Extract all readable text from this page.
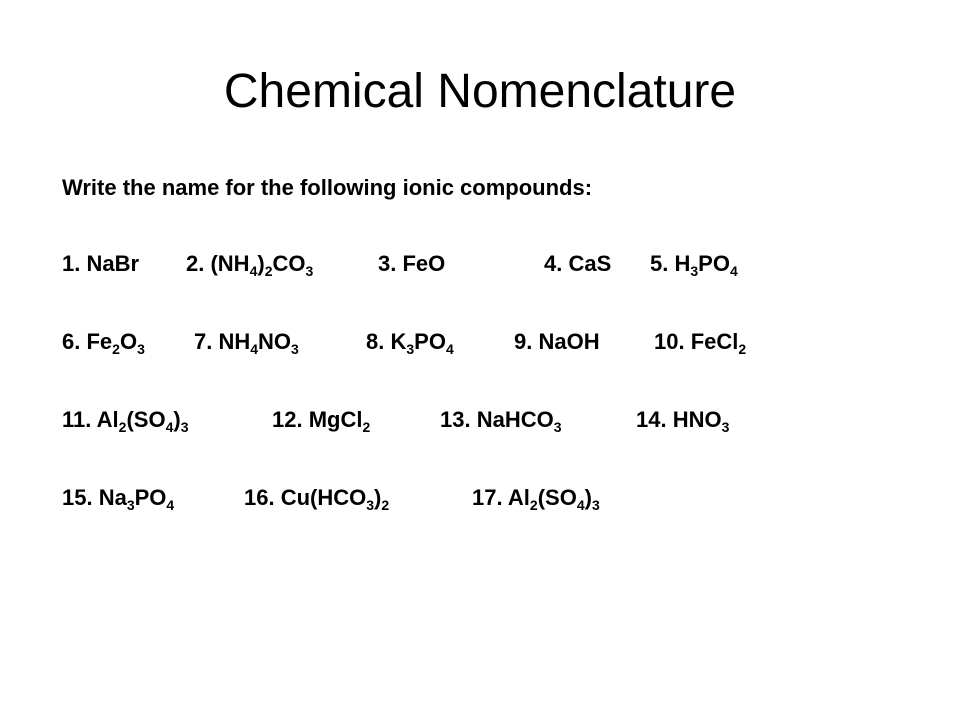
Chemical Nomenclature
Write the name for the following ionic compounds:
1. NaBr 2. $(NH_4)_2CO_3$	3. FeO	4. CaS 5. $H_3PO_4$
6. $Fe_2O_3$ 7. $NH_4NO_3$	8. $K_3PO_4$	9. NaOH 10. FeCl$_2$
11. $Al_2(SO_4)_3$	12. MgCl$_2$	13. NaHCO$_3$	14. $HNO_3$
15. $Na_3PO_4$	16. $Cu(HCO_3)_2$	17. $Al_2(SO_4)_3$
